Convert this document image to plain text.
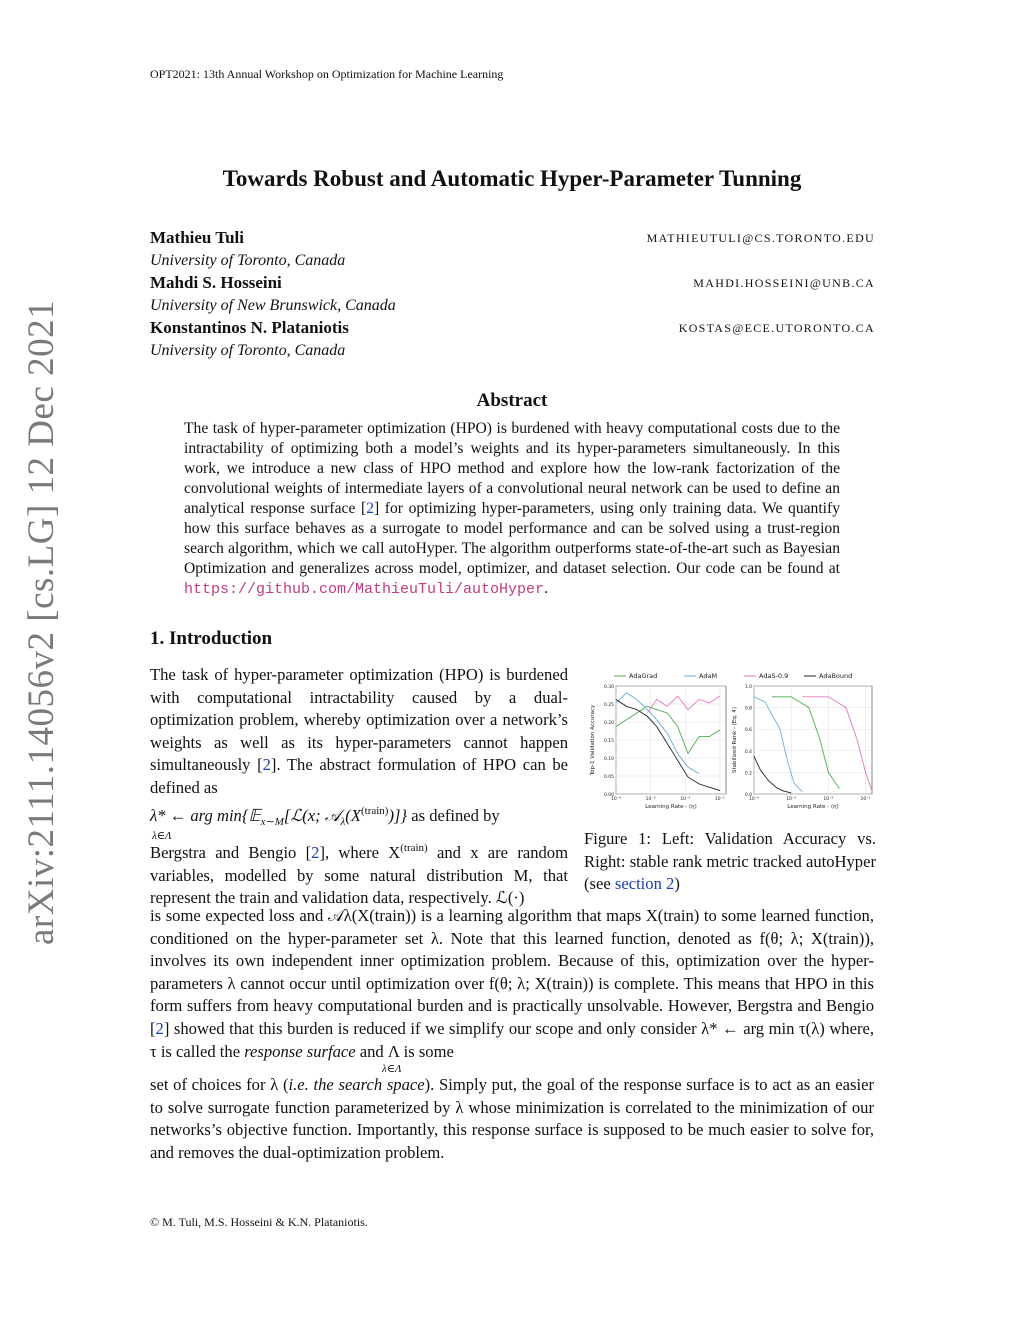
OPT2021: 13th Annual Workshop on Optimization for Machine Learning
arXiv:2111.14056v2 [cs.LG] 12 Dec 2021
Towards Robust and Automatic Hyper-Parameter Tunning
Mathieu Tuli	MATHIEUTULI@CS.TORONTO.EDU
University of Toronto, Canada
Mahdi S. Hosseini	MAHDI.HOSSEINI@UNB.CA
University of New Brunswick, Canada
Konstantinos N. Plataniotis	KOSTAS@ECE.UTORONTO.CA
University of Toronto, Canada
Abstract
The task of hyper-parameter optimization (HPO) is burdened with heavy computational costs due to the intractability of optimizing both a model’s weights and its hyper-parameters simultaneously. In this work, we introduce a new class of HPO method and explore how the low-rank factorization of the convolutional weights of intermediate layers of a convolutional neural network can be used to define an analytical response surface [2] for optimizing hyper-parameters, using only training data. We quantify how this surface behaves as a surrogate to model performance and can be solved using a trust-region search algorithm, which we call autoHyper. The algorithm outperforms state-of-the-art such as Bayesian Optimization and generalizes across model, optimizer, and dataset selection. Our code can be found at https://github.com/MathieuTuli/autoHyper.
1. Introduction
The task of hyper-parameter optimization (HPO) is burdened with computational intractability caused by a dual-optimization problem, whereby optimization over a network’s weights as well as its hyper-parameters cannot happen simultaneously [2]. The abstract formulation of HPO can be defined as
λ* ← arg min{𝔼
λ∈Λ
$_{x\sim M}$[ℒ(x; $𝒜_\lambda(X^{(train)})$]} as defined by
Bergstra and Bengio [2], where $X^{(train)}$ and x are random variables, modelled by some natural distribution M, that represent the train and validation data, respectively. ℒ(·)
is some expected loss and 𝒜λ(X(train)) is a learning algorithm that maps X(train) to some learned function, conditioned on the hyper-parameter set λ. Note that this learned function, denoted as f(θ; λ; X(train)), involves its own independent inner optimization problem. Because of this, optimization over the hyper-parameters λ cannot occur until optimization over f(θ; λ; X(train)) is complete. This means that HPO in this form suffers from heavy computational burden and is practically unsolvable. However, Bergstra and Bengio [2] showed that this burden is reduced if we simplify our scope and only consider λ* ← arg min τ(λ) where, τ is called the response surface and Λ is some
λ∈Λ
set of choices for λ (i.e. the search space). Simply put, the goal of the response surface is to act as an easier to solve surrogate function parameterized by λ whose minimization is correlated to the minimization of our networks’s objective function. Importantly, this response surface is supposed to be much easier to solve for, and removes the dual-optimization problem.
AdaGrad	AdaM	AdaS-0.9	AdaBound
0.00
0.05
0.10
0.15
0.20
0.25
0.30
10⁻⁴	10⁻³	10⁻²	10⁻¹
Learning Rate - (η)
Top-1 Validation Accuracy
0.0
0.2
0.4
0.6
0.8
1.0
10⁻⁴	10⁻³	10⁻²	10⁻¹
Learning Rate - (η)
Stabilized Rank - (Eq. 4)
Figure 1: Left: Validation Accuracy vs. Right: stable rank metric tracked autoHyper (see section 2)
© M. Tuli, M.S. Hosseini & K.N. Plataniotis.
